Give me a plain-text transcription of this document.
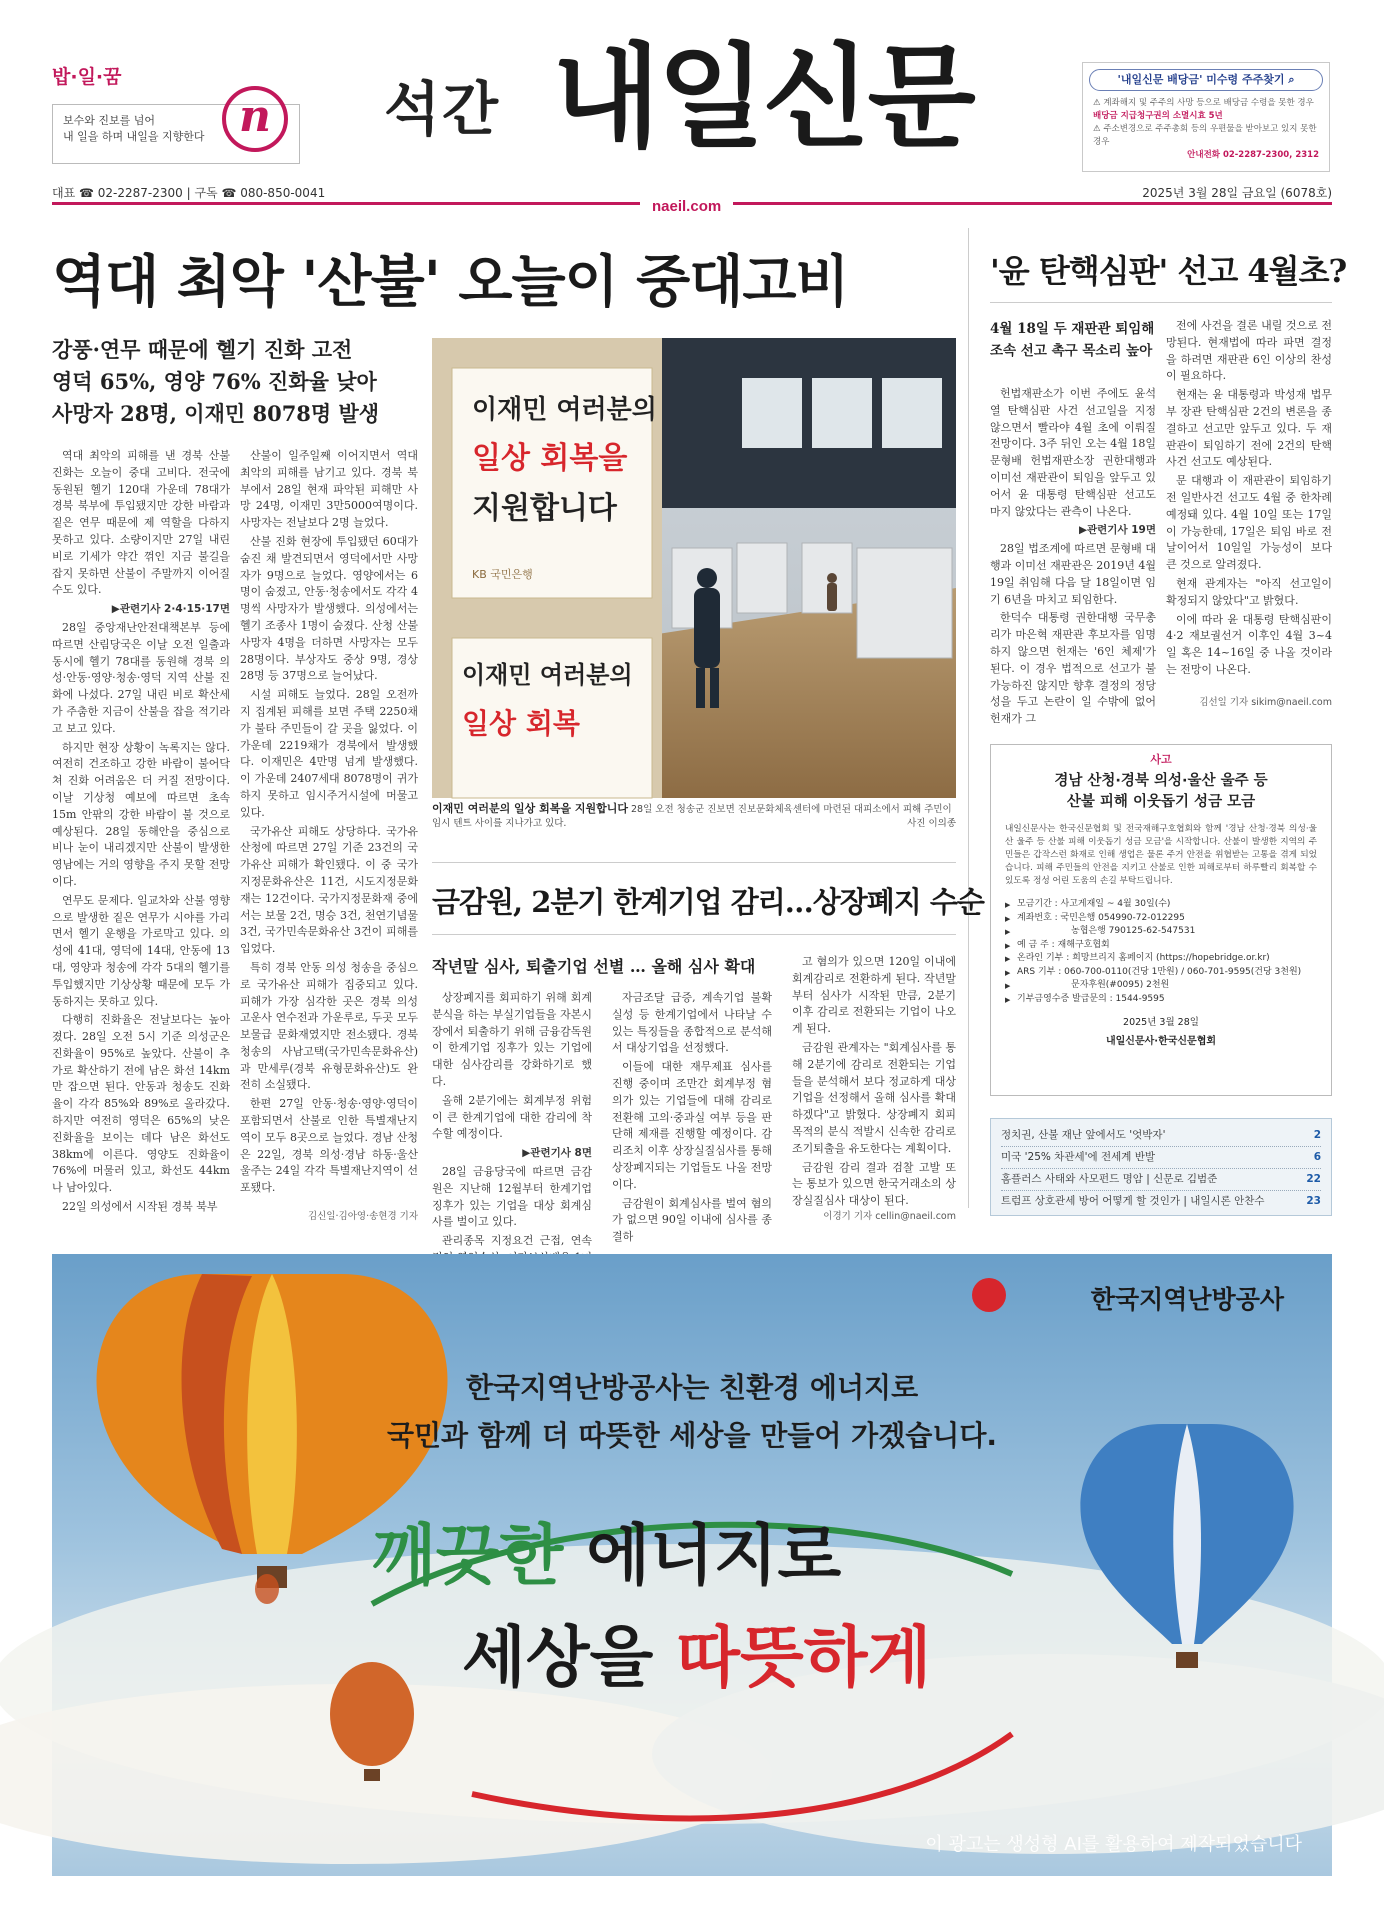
밥·일·꿈
보수와 진보를 넘어
내 일을 하며 내일을 지향한다 n 석간 내일신문	'내일신문 배당금' 미수령 주주찾기 ⌕
⚠ 계좌해지 및 주주의 사망 등으로 배당금 수령을 못한 경우
배당금 지급청구권의 소멸시효 5년
⚠ 주소변경으로 주주총회 등의 우편물을 받아보고 있지 못한 경우
안내전화 02-2287-2300, 2312
대표 ☎ 02-2287-2300 | 구독 ☎ 080-850-0041	2025년 3월 28일 금요일 (6078호)
naeil.com
역대 최악 '산불' 오늘이 중대고비
강풍·연무 때문에 헬기 진화 고전
영덕 65%, 영양 76% 진화율 낮아
사망자 28명, 이재민 8078명 발생

역대 최악의 피해를 낸 경북 산불 진화는 오늘이 중대 고비다. 전국에 동원된 헬기 120대 가운데 78대가 경북 북부에 투입됐지만 강한 바람과 짙은 연무 때문에 제 역할을 다하지 못하고 있다. 소량이지만 27일 내린 비로 기세가 약간 꺾인 지금 불길을 잡지 못하면 산불이 주말까지 이어질 수도 있다.

▶관련기사 2·4·15·17면

28일 중앙재난안전대책본부 등에 따르면 산림당국은 이날 오전 일출과 동시에 헬기 78대를 동원해 경북 의성·안동·영양·청송·영덕 지역 산불 진화에 나섰다. 27일 내린 비로 확산세가 주춤한 지금이 산불을 잡을 적기라고 보고 있다.

하지만 현장 상황이 녹록지는 않다. 여전히 건조하고 강한 바람이 불어닥쳐 진화 어려움은 더 커질 전망이다. 이날 기상청 예보에 따르면 초속 15m 안팎의 강한 바람이 불 것으로 예상된다. 28일 동해안을 중심으로 비나 눈이 내리겠지만 산불이 발생한 영남에는 거의 영향을 주지 못할 전망이다.

연무도 문제다. 일교차와 산불 영향으로 발생한 짙은 연무가 시야를 가리면서 헬기 운행을 가로막고 있다. 의성에 41대, 영덕에 14대, 안동에 13대, 영양과 청송에 각각 5대의 헬기를 투입했지만 기상상황 때문에 모두 가동하지는 못하고 있다.

다행히 진화율은 전날보다는 높아졌다. 28일 오전 5시 기준 의성군은 진화율이 95%로 높았다. 산불이 추가로 확산하기 전에 남은 화선 14km만 잡으면 된다. 안동과 청송도 진화율이 각각 85%와 89%로 올라갔다. 하지만 여전히 영덕은 65%의 낮은 진화율을 보이는 데다 남은 화선도 38km에 이른다. 영양도 진화율이 76%에 머물러 있고, 화선도 44km나 남아있다.

22일 의성에서 시작된 경북 북부

산불이 일주일째 이어지면서 역대 최악의 피해를 남기고 있다. 경북 북부에서 28일 현재 파악된 피해만 사망 24명, 이재민 3만5000여명이다. 사망자는 전날보다 2명 늘었다.

산불 진화 현장에 투입됐던 60대가 숨진 채 발견되면서 영덕에서만 사망자가 9명으로 늘었다. 영양에서는 6명이 숨졌고, 안동·청송에서도 각각 4명씩 사망자가 발생했다. 의성에서는 헬기 조종사 1명이 숨졌다. 산청 산불 사망자 4명을 더하면 사망자는 모두 28명이다. 부상자도 중상 9명, 경상 28명 등 37명으로 늘어났다.

시설 피해도 늘었다. 28일 오전까지 집계된 피해를 보면 주택 2250채가 불타 주민들이 갈 곳을 잃었다. 이 가운데 2219채가 경북에서 발생했다. 이재민은 4만명 넘게 발생했다. 이 가운데 2407세대 8078명이 귀가하지 못하고 임시주거시설에 머물고 있다.

국가유산 피해도 상당하다. 국가유산청에 따르면 27일 기준 23건의 국가유산 피해가 확인됐다. 이 중 국가지정문화유산은 11건, 시도지정문화재는 12건이다. 국가지정문화재 중에서는 보물 2건, 명승 3건, 천연기념물 3건, 국가민속문화유산 3건이 피해를 입었다.

특히 경북 안동 의성 청송을 중심으로 국가유산 피해가 집중되고 있다. 피해가 가장 심각한 곳은 경북 의성 고운사 연수전과 가운루로, 두곳 모두 보물급 문화재였지만 전소됐다. 경북 청송의 사남고택(국가민속문화유산)과 만세루(경북 유형문화유산)도 완전히 소실됐다.

한편 27일 안동·청송·영양·영덕이 포함되면서 산불로 인한 특별재난지역이 모두 8곳으로 늘었다. 경남 산청은 22일, 경북 의성·경남 하동·울산 울주는 24일 각각 특별재난지역이 선포됐다.

김신일·김아영·송현경 기자
이재민 여러분의
일상 회복을
지원합니다
KB 국민은행
이재민 여러분의
일상 회복
이재민 여러분의 일상 회복을 지원합니다 28일 오전 청송군 진보면 진보문화체육센터에 마련된 대피소에서 피해 주민이 임시 텐트 사이를 지나가고 있다.	사진 이의종
금감원, 2분기 한계기업 감리…상장폐지 수순
작년말 심사, 퇴출기업 선별 … 올해 심사 확대

상장폐지를 회피하기 위해 회계분식을 하는 부실기업들을 자본시장에서 퇴출하기 위해 금융감독원이 한계기업 징후가 있는 기업에 대한 심사감리를 강화하기로 했다.

올해 2분기에는 회계부정 위험이 큰 한계기업에 대한 감리에 착수할 예정이다.

▶관련기사 8면

28일 금융당국에 따르면 금감원은 지난해 12월부터 한계기업 징후가 있는 기업을 대상 회계심사를 벌이고 있다.

관리종목 지정요건 근접, 연속

자금조달 급증, 계속기업 불확실성 등 한계기업에서 나타날 수 있는 특징들을 종합적으로 분석해서 대상기업을 선정했다.

이들에 대한 재무제표 심사를 진행 중이며 조만간 회계부정 혐의가 있는 기업들에 대해 감리로 전환해 고의·중과실 여부 등을 판단해 제재를 진행할 예정이다. 감리조치 이후 상장실질심사를 통해 상장폐지되는 기업들도 나올 전망이다.

금감원이 회계심사를 벌여 혐의가 없으면 90일 이내에 심사를 종결하

고 혐의가 있으면 120일 이내에 회계감리로 전환하게 된다. 작년말부터 심사가 시작된 만큼, 2분기 이후 감리로 전환되는 기업이 나오게 된다.

금감원 관계자는 "회계심사를 통해 2분기에 감리로 전환되는 기업들을 분석해서 보다 정교하게 대상 기업을 선정해서 올해 심사를 확대하겠다"고 밝혔다. 상장폐지 회피목적의 분식 적발시 신속한 감리로 조기퇴출을 유도한다는 계획이다.

금감원 감리 결과 검찰 고발 또는 통보가 있으면 한국거래소의 상장실질심사 대상이 된다.

이경기 기자 cellin@naeil.com
'윤 탄핵심판' 선고 4월초?
4월 18일 두 재판관 퇴임해
조속 선고 촉구 목소리 높아

헌법재판소가 이번 주에도 윤석열 탄핵심판 사건 선고일을 지정 않으면서 빨라야 4월 초에 이뤄질 전망이다. 3주 뒤인 오는 4월 18일 문형배 헌법재판소장 권한대행과 이미선 재판관이 퇴임을 앞두고 있어서 윤 대통령 탄핵심판 선고도 마지 않았다는 관측이 나온다.

▶관련기사 19면

28일 법조계에 따르면 문형배 대행과 이미선 재판관은 2019년 4월 19일 취임해 다음 달 18일이면 임기 6년을 마치고 퇴임한다.

한덕수 대통령 권한대행 국무총리가 마은혁 재판관 후보자를 임명하지 않으면 헌재는 '6인 체제'가 된다. 이 경우 법적으로 선고가 불가능하진 않지만 향후 결정의 정당성을 두고 논란이 일 수밖에 없어 헌재가 그

전에 사건을 결론 내릴 것으로 전망된다. 현재법에 따라 파면 결정을 하려면 재판관 6인 이상의 찬성이 필요하다.

현재는 윤 대통령과 박성재 법무부 장관 탄핵심판 2건의 변론을 종결하고 선고만 앞두고 있다. 두 재판관이 퇴임하기 전에 2건의 탄핵사건 선고도 예상된다.

문 대행과 이 재판관이 퇴임하기 전 일반사건 선고도 4월 중 한차례 예정돼 있다. 4월 10일 또는 17일이 가능한데, 17일은 퇴임 바로 전날이어서 10일일 가능성이 보다 큰 것으로 알려졌다.

현재 관계자는 "아직 선고일이 확정되지 않았다"고 밝혔다.

이에 따라 윤 대통령 탄핵심판이 4·2 재보궐선거 이후인 4월 3~4일 혹은 14~16일 중 나올 것이라는 전망이 나온다.

김선일 기자 sikim@naeil.com
사고
경남 산청·경북 의성·울산 울주 등
산불 피해 이웃돕기 성금 모금
내일신문사는 한국신문협회 및 전국재해구호협회와 함께 '경남 산청·경북 의성·울산 울주 등 산불 피해 이웃돕기 성금 모금'을 시작합니다. 산불이 발생한 지역의 주민들은 갑작스런 화재로 인해 생업은 물론 주거 안전을 위협받는 고통을 겪게 되었습니다. 피해 주민들의 안전을 지키고 산불로 인한 피해로부터 하루빨리 회복할 수 있도록 정성 어린 도움의 손길 부탁드립니다.
▶ 모금기간 : 사고게재일 ~ 4월 30일(수)
▶ 계좌번호 : 국민은행 054990-72-012295
▶ 농협은행 790125-62-547531
▶ 예 금 주 : 재해구호협회
▶ 온라인 기부 : 희망브리지 홈페이지 (https://hopebridge.or.kr)
▶ ARS 기부 : 060-700-0110(건당 1만원) / 060-701-9595(건당 3천원)
▶ 문자후원(#0095) 2천원
▶ 기부금영수증 발급문의 : 1544-9595
2025년 3월 28일
내일신문사·한국신문협회
정치권, 산불 재난 앞에서도 '엇박자'	2
미국 '25% 차관세'에 전세계 반발	6
홈플러스 사태와 사모펀드 명암 | 신문로 김범준	22
트럼프 상호관세 방어 어떻게 할 것인가 | 내일시론 안찬수	23
한국지역난방공사
한국지역난방공사는 친환경 에너지로
국민과 함께 더 따뜻한 세상을 만들어 가겠습니다.
깨끗한 에너지로
세상을 따뜻하게
이 광고는 생성형 AI를 활용하여 제작되었습니다
